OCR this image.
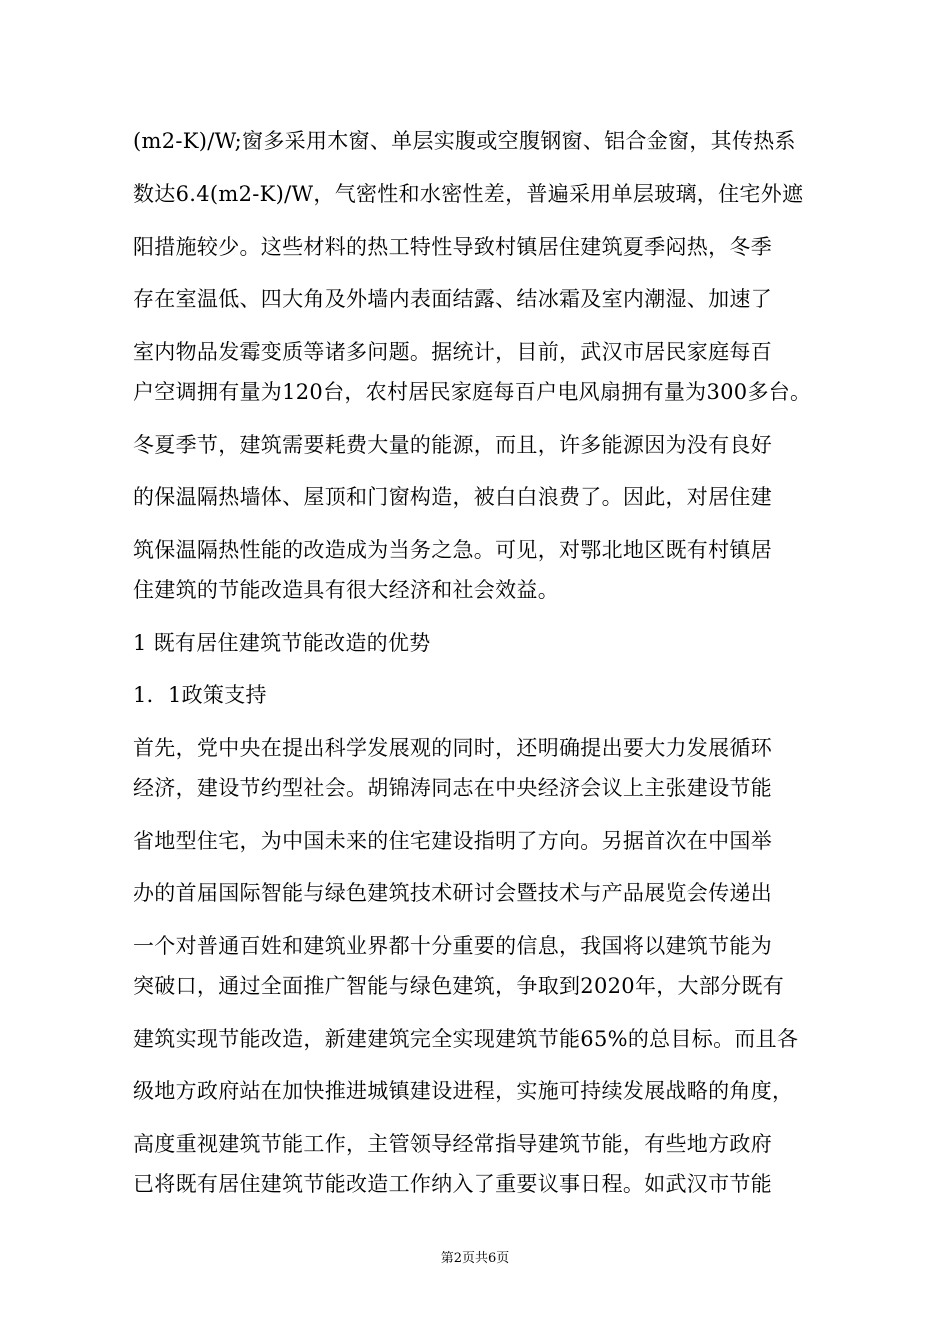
(m2-K)/W;窗多采用木窗、单层实腹或空腹钢窗、铝合金窗，其传热系
数达6.4(m2-K)/W，气密性和水密性差，普遍采用单层玻璃，住宅外遮
阳措施较少。这些材料的热工特性导致村镇居住建筑夏季闷热，冬季
存在室温低、四大角及外墙内表面结露、结冰霜及室内潮湿、加速了
室内物品发霉变质等诸多问题。据统计，目前，武汉市居民家庭每百
户空调拥有量为120台，农村居民家庭每百户电风扇拥有量为300多台。
冬夏季节，建筑需要耗费大量的能源，而且，许多能源因为没有良好
的保温隔热墙体、屋顶和门窗构造，被白白浪费了。因此，对居住建
筑保温隔热性能的改造成为当务之急。可见，对鄂北地区既有村镇居
住建筑的节能改造具有很大经济和社会效益。
1 既有居住建筑节能改造的优势
1．1政策支持
首先，党中央在提出科学发展观的同时，还明确提出要大力发展循环
经济，建设节约型社会。胡锦涛同志在中央经济会议上主张建设节能
省地型住宅，为中国未来的住宅建设指明了方向。另据首次在中国举
办的首届国际智能与绿色建筑技术研讨会暨技术与产品展览会传递出
一个对普通百姓和建筑业界都十分重要的信息，我国将以建筑节能为
突破口，通过全面推广智能与绿色建筑，争取到2020年，大部分既有
建筑实现节能改造，新建建筑完全实现建筑节能65%的总目标。而且各
级地方政府站在加快推进城镇建设进程，实施可持续发展战略的角度，
高度重视建筑节能工作，主管领导经常指导建筑节能，有些地方政府
已将既有居住建筑节能改造工作纳入了重要议事日程。如武汉市节能
第2页共6页
